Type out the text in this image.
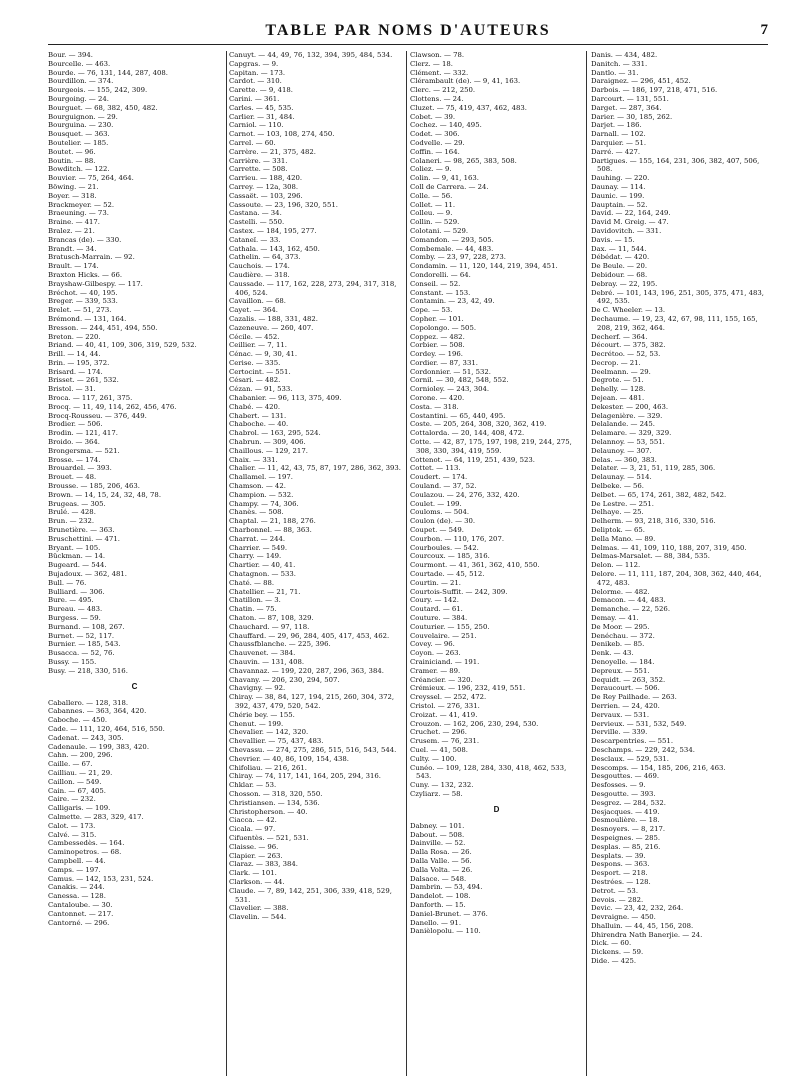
TABLE PAR NOMS D'AUTEURS	7
Bour. — 394.
Bourcelle. — 463.
Bourde. — 76, 131, 144, 287, 408.
Bourdillon. — 374.
Bourgeois. — 155, 242, 309.
Bourgoing. — 24.
Bourguet. — 68, 382, 450, 482.
Bourguignon. — 29.
Bourguina. — 230.
Bousquet. — 363.
Boutelier. — 185.
Boutet. — 96.
Boutin. — 88.
Bowditch. — 122.
Bouvier. — 75, 264, 464.
Böwing. — 21.
Boyer. — 318.
Brackmeyer. — 52.
Braeuning. — 73.
Braine. — 417.
Bralez. — 21.
Brancas (de). — 330.
Brandt. — 34.
Bratusch-Marrain. — 92.
Brault. — 174.
Braxton Hicks. — 66.
Brayshaw-Gilbespy. — 117.
Bréchot. — 40, 195.
Breger. — 339, 533.
Brelet. — 51, 273.
Brémond. — 131, 164.
Bresson. — 244, 451, 494, 550.
Breton. — 220.
Briand. — 40, 41, 109, 306, 319, 529, 532.
Brill. — 14, 44.
Brin. — 195, 372.
Brisard. — 174.
Brisset. — 261, 532.
Bristol. — 31.
Broca. — 117, 261, 375.
Brocq. — 11, 49, 114, 262, 456, 476.
Brocq-Rousseu. — 376, 449.
Brodier. — 506.
Brodin. — 121, 417.
Broido. — 364.
Brongersma. — 521.
Brosse. — 174.
Brouardel. — 393.
Brouet. — 48.
Brousse. — 185, 206, 463.
Brown. — 14, 15, 24, 32, 48, 78.
Brugeas. — 305.
Brulé. — 428.
Brun. — 232.
Brunetière. — 363.
Bruschettini. — 471.
Bryant. — 105.
Bückman. — 14.
Bugeard. — 544.
Bujadoux. — 362, 481.
Bull. — 76.
Bulliard. — 306.
Bure. — 495.
Bureau. — 483.
Burgess. — 59.
Burnand. — 108, 267.
Burnet. — 52, 117.
Burnier. — 185, 543.
Busacca. — 52, 76.
Bussy. — 155.
Busy. — 218, 330, 516.
C
Caballero. — 128, 318.
Cabannes. — 363, 364, 420.
Caboche. — 450.
Cade. — 111, 120, 464, 516, 550.
Cadenat. — 243, 305.
Cadenaule. — 199, 383, 420.
Cahn. — 200, 296.
Caille. — 67.
Cailliau. — 21, 29.
Caillon. — 549.
Cain. — 67, 405.
Caire. — 232.
Calligaris. — 109.
Calmette. — 283, 329, 417.
Calot. — 173.
Calvé. — 315.
Cambessedès. — 164.
Caminopetros. — 68.
Campbell. — 44.
Camps. — 197.
Camus. — 142, 153, 231, 524.
Canakis. — 244.
Canessa. — 128.
Cantaloube. — 30.
Cantonnet. — 217.
Cantorné. — 296.
Canuyt. — 44, 49, 76, 132, 394, 395, 484, 534.
Capgras. — 9.
Capitan. — 173.
Cardot. — 310.
Carette. — 9, 418.
Carini. — 361.
Carles. — 45, 535.
Carlier. — 31, 484.
Carniol. — 110.
Carnot. — 103, 108, 274, 450.
Carrel. — 60.
Carrère. — 21, 375, 482.
Carrière. — 331.
Carrette. — 508.
Carrieu. — 188, 420.
Carrey. — 12a, 308.
Cassaët. — 103, 296.
Cassoute. — 23, 196, 320, 551.
Castana. — 34.
Castelli. — 550.
Castex. — 184, 195, 277.
Cataneï. — 33.
Cathala. — 143, 162, 450.
Cathelin. — 64, 373.
Cauchois. — 174.
Caudière. — 318.
Caussade. — 117, 162, 228, 273, 294, 317, 318, 406, 524.
Cavaillon. — 68.
Cayet. — 364.
Cazalis. — 188, 331, 482.
Cazeneuve. — 260, 407.
Cécile. — 452.
Ceillier. — 7, 11.
Cénac. — 9, 30, 41.
Cerise. — 335.
Certocint. — 551.
Césari. — 482.
Cézan. — 91, 533.
Chabanier. — 96, 113, 375, 409.
Chabé. — 420.
Chabert. — 131.
Chaboche. — 40.
Chabrol. — 163, 295, 524.
Chabrun. — 309, 406.
Chaillous. — 129, 217.
Chaix. — 331.
Chalier. — 11, 42, 43, 75, 87, 197, 286, 362, 393.
Challamel. — 197.
Chamson. — 42.
Champion. — 532.
Champy. — 74, 306.
Chanès. — 508.
Chaptal. — 21, 188, 276.
Charbonnel. — 88, 363.
Charrat. — 244.
Charrier. — 549.
Charry. — 149.
Chartier. — 40, 41.
Chatagnon. — 533.
Chaté. — 88.
Chatellier. — 21, 71.
Chatillon. — 3.
Chatin. — 75.
Chaton. — 87, 108, 329.
Chauchard. — 97, 118.
Chauffard. — 29, 96, 284, 405, 417, 453, 462.
Chaussfblanche. — 225, 396.
Chauvenet. — 384.
Chauvin. — 131, 408.
Chavannaz. — 199, 220, 287, 296, 363, 384.
Chavany. — 206, 230, 294, 507.
Chavigny. — 92.
Chiray. — 38, 84, 127, 194, 215, 260, 304, 372, 392, 437, 479, 520, 542.
Chérie bey. — 155.
Chenut. — 199.
Chevalier. — 142, 320.
Chevallier. — 75, 437, 483.
Chevassu. — 274, 275, 286, 515, 516, 543, 544.
Chevrier. — 40, 86, 109, 154, 438.
Chifoliau. — 216, 261.
Chiray. — 74, 117, 141, 164, 205, 294, 316.
Chklar. — 53.
Chosson. — 318, 320, 550.
Christiansen. — 134, 536.
Christopherson. — 40.
Ciacca. — 42.
Cicala. — 97.
Cifuentès. — 521, 531.
Claisse. — 96.
Clapier. — 263.
Claraz. — 383, 384.
Clark. — 101.
Clarkson. — 44.
Claude. — 7, 89, 142, 251, 306, 339, 418, 529, 531.
Clavelier. — 388.
Clavelin. — 544.
Clawson. — 78.
Clerz. — 18.
Clément. — 332.
Clérambault (de). — 9, 41, 163.
Clerc. — 212, 250.
Clottens. — 24.
Cluzet. — 75, 419, 437, 462, 483.
Cobet. — 39.
Cochez. — 140, 495.
Codet. — 306.
Codvelle. — 29.
Coffin. — 164.
Colaneri. — 98, 265, 383, 508.
Coliez. — 9.
Colin. — 9, 41, 163.
Coll de Carrera. — 24.
Colle. — 56.
Collet. — 11.
Colleu. — 9.
Collin. — 529.
Colotani. — 529.
Comandon. — 293, 505.
Combemale. — 44, 483.
Comby. — 23, 97, 228, 273.
Condamin. — 11, 120, 144, 219, 394, 451.
Condorelli. — 64.
Conseil. — 52.
Constant. — 153.
Contamin. — 23, 42, 49.
Cope. — 53.
Copher. — 101.
Copolongo. — 505.
Coppez. — 482.
Corbier. — 508.
Cordey. — 196.
Cordier. — 87, 331.
Cordonnier. — 51, 532.
Cornil. — 30, 482, 548, 552.
Cornioley. — 243, 304.
Corone. — 420.
Costa. — 318.
Costantini. — 65, 440, 495.
Coste. — 205, 264, 308, 320, 362, 419.
Cottalorda. — 20, 144, 408, 472.
Cotte. — 42, 87, 175, 197, 198, 219, 244, 275, 308, 330, 394, 419, 559.
Cottenot. — 64, 119, 251, 439, 523.
Cottet. — 113.
Coudert. — 174.
Couland. — 37, 52.
Coulazou. — 24, 276, 332, 420.
Coulet. — 199.
Couloms. — 504.
Coulon (de). — 30.
Coupet. — 549.
Courbon. — 110, 176, 207.
Courboules. — 542.
Courcoux. — 185, 316.
Courmont. — 41, 361, 362, 410, 550.
Courtade. — 45, 512.
Courtin. — 21.
Courtois-Suffit. — 242, 309.
Coury. — 142.
Coutard. — 61.
Couture. — 384.
Couturier. — 155, 250.
Couvelaire. — 251.
Covey. — 96.
Coyon. — 263.
Crainiciand. — 191.
Cramer. — 89.
Créancier. — 320.
Crémieux. — 196, 232, 419, 551.
Creyssel. — 252, 472.
Cristol. — 276, 331.
Croizat. — 41, 419.
Crouzon. — 162, 206, 230, 294, 530.
Cruchet. — 296.
Crusem. — 76, 231.
Cuel. — 41, 508.
Culty. — 100.
Cunéo. — 109, 128, 284, 330, 418, 462, 533, 543.
Cuny. — 132, 232.
Czyliarz. — 58.
D
Dabney. — 101.
Dabout. — 508.
Dainville. — 52.
Dalla Rosa. — 26.
Dalla Valle. — 56.
Dalla Volta. — 26.
Dalsace. — 548.
Dambrin. — 53, 494.
Dandelot. — 108.
Danforth. — 15.
Daniel-Brunet. — 376.
Danello. — 91.
Danièlopolu. — 110.
Danis. — 434, 482.
Danitch. — 331.
Dantlo. — 31.
Daraignez. — 296, 451, 452.
Darbois. — 186, 197, 218, 471, 516.
Darcourt. — 131, 551.
Darget. — 287, 364.
Darier. — 30, 185, 262.
Darjet. — 186.
Darnall. — 102.
Darquier. — 51.
Darré. — 427.
Dartigues. — 155, 164, 231, 306, 382, 407, 506, 508.
Dauhing. — 220.
Daunay. — 114.
Daunic. — 199.
Dauptain. — 52.
David. — 22, 164, 249.
David M. Greig. — 47.
Davidovitch. — 331.
Davis. — 15.
Dax. — 11, 544.
Débédat. — 420.
De Beule. — 20.
Debidour. — 68.
Debray. — 22, 195.
Debré. — 101, 143, 196, 251, 305, 375, 471, 483, 492, 535.
De C. Wheeler. — 13.
Dechaume. — 19, 23, 42, 67, 98, 111, 155, 165, 208, 219, 362, 464.
Decherf. — 364.
Décourt. — 375, 382.
Decrétoo. — 52, 53.
Decrop. — 21.
Deelmann. — 29.
Degrote. — 51.
Dehelly. — 128.
Dejean. — 481.
Dekester. — 200, 463.
Delagenière. — 329.
Delalande. — 245.
Delamare. — 329, 329.
Delannoy. — 53, 551.
Delaunoy. — 307.
Delas. — 360, 383.
Delater. — 3, 21, 51, 119, 285, 306.
Delaunay. — 514.
Delbeke. — 56.
Delbet. — 65, 174, 261, 382, 482, 542.
De Lestre. — 251.
Delhaye. — 25.
Delherm. — 93, 218, 316, 330, 516.
Deliptok. — 65.
Della Mano. — 89.
Delmas. — 41, 109, 110, 188, 207, 319, 450.
Delmas-Marsalet. — 88, 384, 535.
Delon. — 112.
Delore. — 11, 111, 187, 204, 308, 362, 440, 464, 472, 483.
Delorme. — 482.
Demacon. — 44, 483.
Demanche. — 22, 526.
Demay. — 41.
De Moor. — 295.
Denéchau. — 372.
Denikeb. — 85.
Denk. — 43.
Denoyelle. — 184.
Depreux. — 551.
Dequidt. — 263, 352.
Deraucourt. — 506.
De Rey Pailhade. — 263.
Derrien. — 24, 420.
Dervaux. — 531.
Dervieux. — 531, 532, 549.
Derville. — 339.
Descarpentries. — 551.
Deschamps. — 229, 242, 534.
Desclaux. — 529, 531.
Descomps. — 154, 185, 206, 216, 463.
Desgouttes. — 469.
Desfosses. — 9.
Desgoutte. — 393.
Desgrez. — 284, 532.
Desjacques. — 419.
Desmoulière. — 18.
Desnoyers. — 8, 217.
Despeignes. — 285.
Desplas. — 85, 216.
Desplats. — 39.
Despons. — 363.
Desport. — 218.
Destrées. — 128.
Detrot. — 53.
Devois. — 282.
Devic. — 23, 42, 232, 264.
Devraigne. — 450.
Dhalluin. — 44, 45, 156, 208.
Dhirendra Nath Banerjie. — 24.
Dick. — 60.
Dickens. — 59.
Dide. — 425.
